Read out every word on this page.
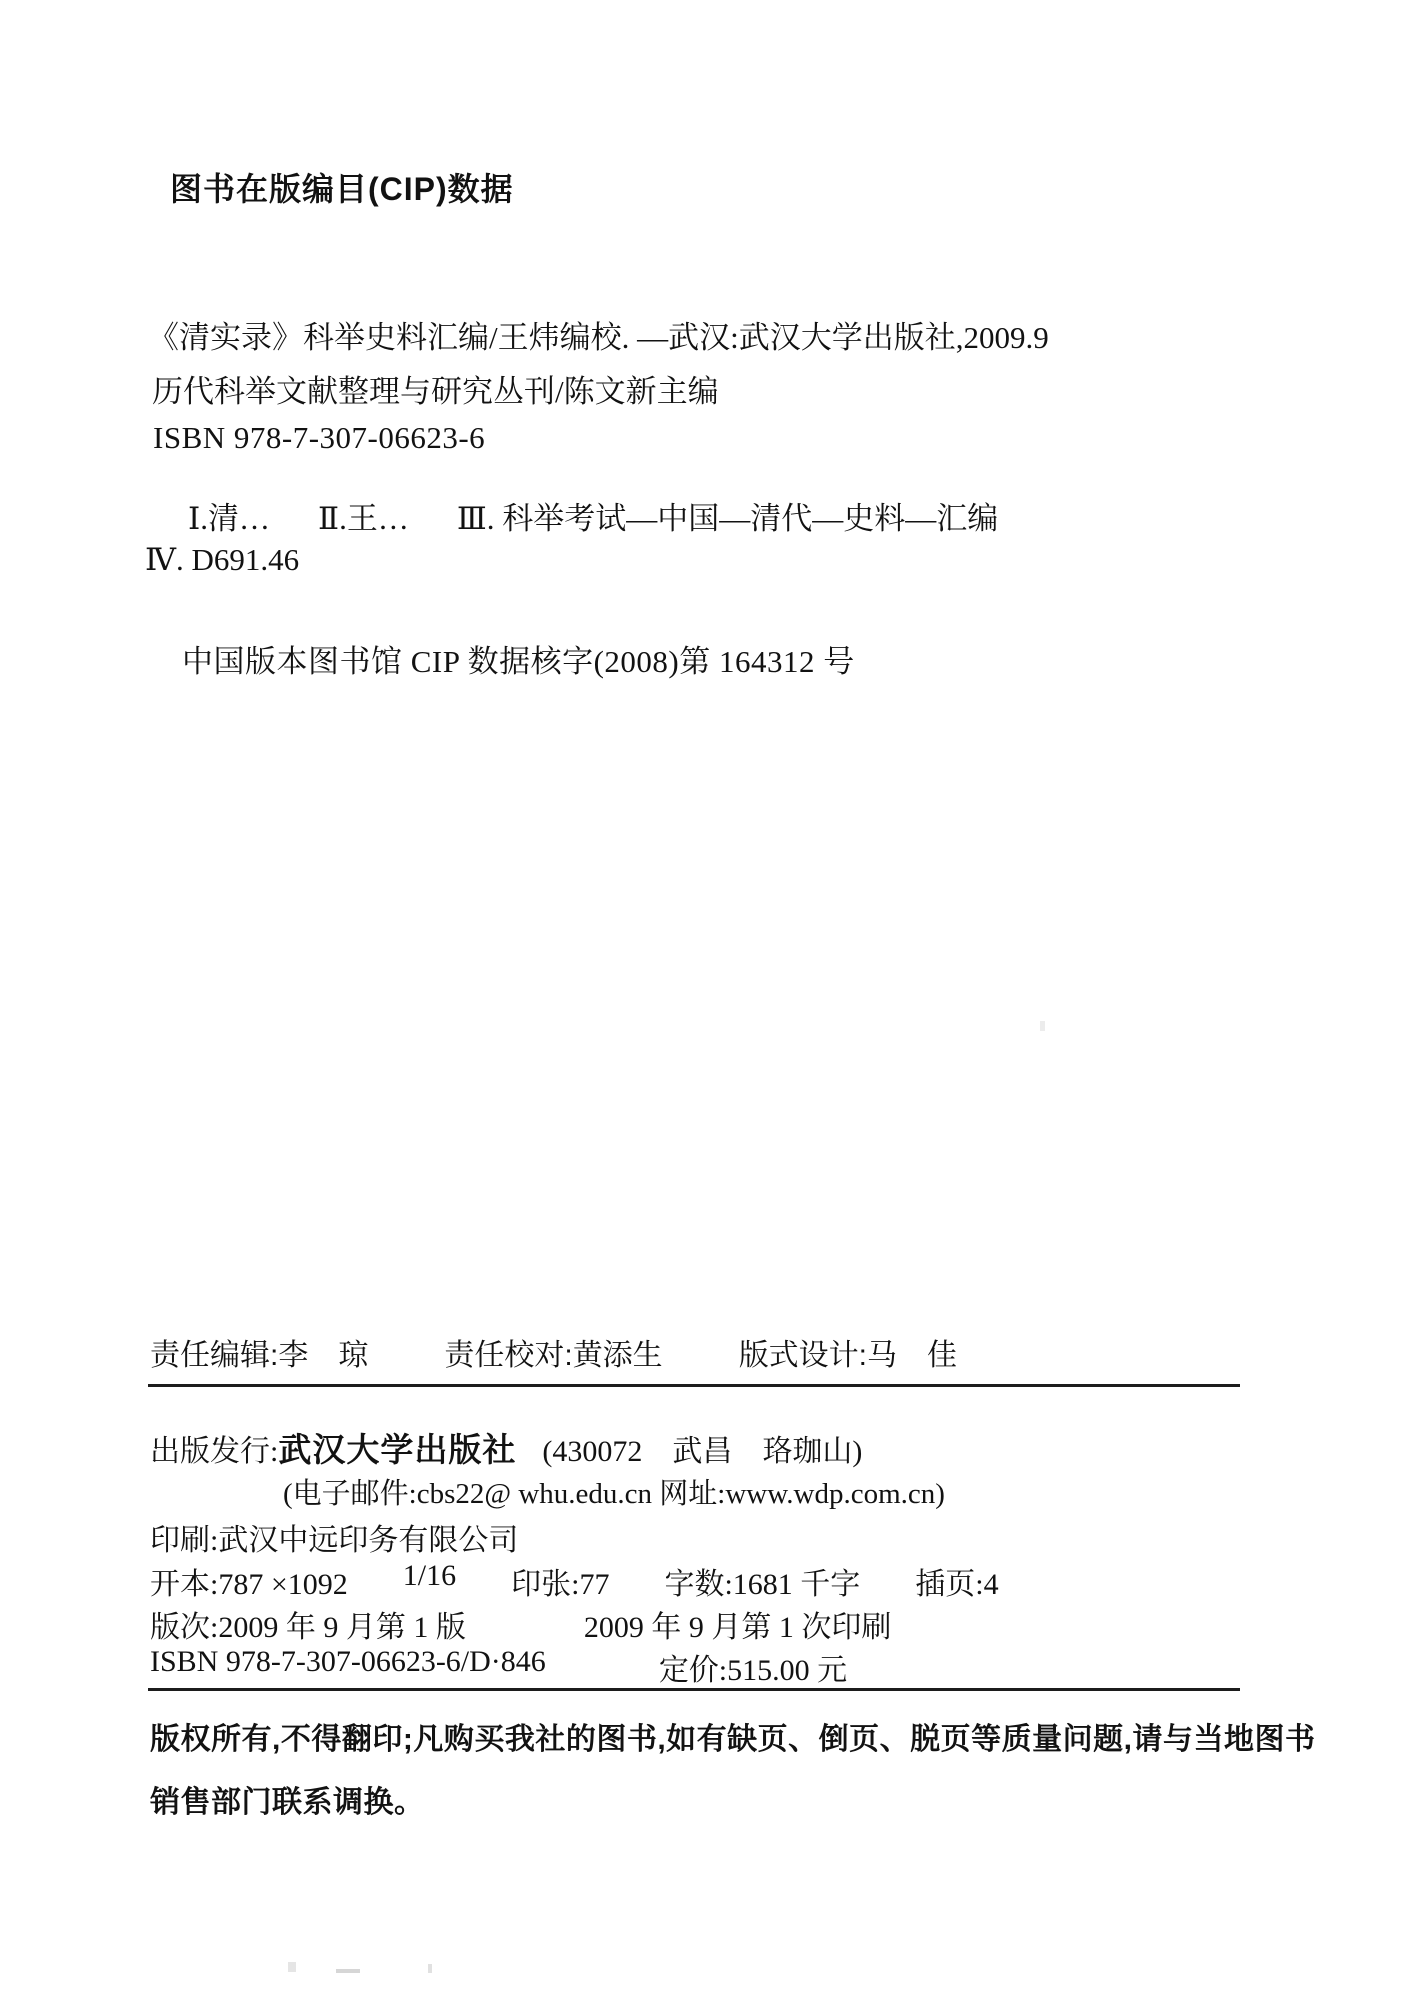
图书在版编目(CIP)数据
《清实录》科举史料汇编/王炜编校. —武汉:武汉大学出版社,2009.9
历代科举文献整理与研究丛刊/陈文新主编
ISBN 978-7-307-06623-6
Ⅰ.清… Ⅱ.王… Ⅲ. 科举考试—中国—清代—史料—汇编
Ⅳ. D691.46
中国版本图书馆 CIP 数据核字(2008)第 164312 号
责任编辑:李　琼	责任校对:黄添生	版式设计:马　佳
出版发行: 武汉大学出版社 (430072　武昌　珞珈山)
(电子邮件:cbs22@ whu.edu.cn 网址:www.wdp.com.cn)
印刷:武汉中远印务有限公司
开本:787 ×1092 1/16 印张:77 字数:1681 千字 插页:4
版次:2009 年 9 月第 1 版	2009 年 9 月第 1 次印刷
ISBN 978-7-307-06623-6/D·846	定价:515.00 元
版权所有,不得翻印;凡购买我社的图书,如有缺页、倒页、脱页等质量问题,请与当地图书销售部门联系调换。
